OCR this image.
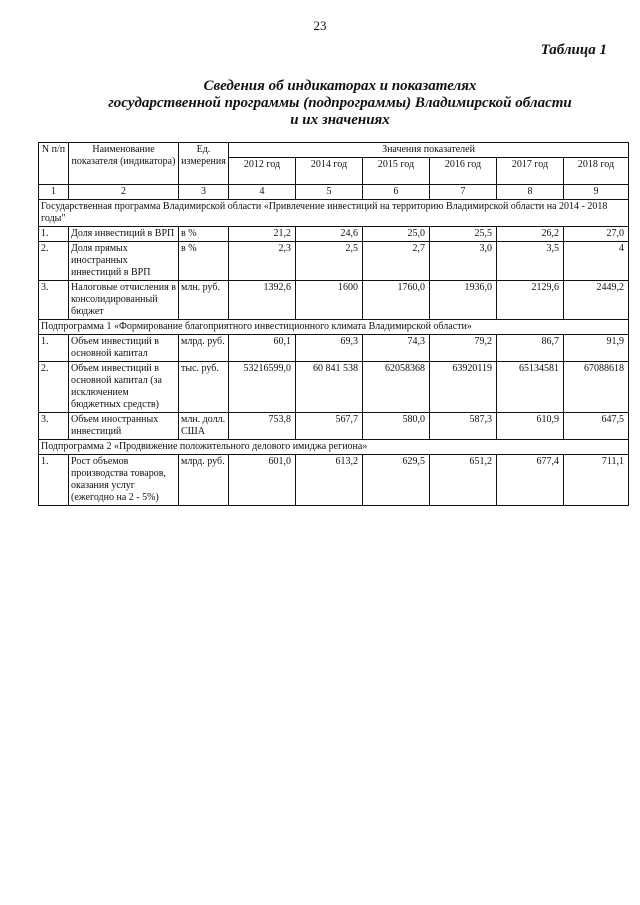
23
Таблица 1
Сведения об индикаторах и показателях
государственной программы (подпрограммы) Владимирской области
и их значениях
N п/п	Наименование показателя (индикатора)	Ед. измерения	Значения показателей					
			2012 год	2014 год	2015 год	2016 год	2017 год	2018 год
1	2	3	4	5	6	7	8	9
Государственная программа Владимирской области «Привлечение инвестиций на территорию Владимирской области на 2014 - 2018 годы"								
1.	Доля инвестиций в ВРП	в %	21,2	24,6	25,0	25,5	26,2	27,0
2.	Доля прямых иностранных инвестиций в ВРП	в %	2,3	2,5	2,7	3,0	3,5	4
3.	Налоговые отчисления в консолидированный бюджет	млн. руб.	1392,6	1600	1760,0	1936,0	2129,6	2449,2
Подпрограмма 1 «Формирование благоприятного инвестиционного климата Владимирской области»								
1.	Объем инвестиций в основной капитал	млрд. руб.	60,1	69,3	74,3	79,2	86,7	91,9
2.	Объем инвестиций в основной капитал (за исключением бюджетных средств)	тыс. руб.	53216599,0	60 841 538	62058368	63920119	65134581	67088618
3.	Объем иностранных инвестиций	млн. долл. США	753,8	567,7	580,0	587,3	610,9	647,5
Подпрограмма 2 «Продвижение положительного делового имиджа региона»								
1.	Рост объемов производства товаров, оказания услуг (ежегодно на 2 - 5%)	млрд. руб.	601,0	613,2	629,5	651,2	677,4	711,1
